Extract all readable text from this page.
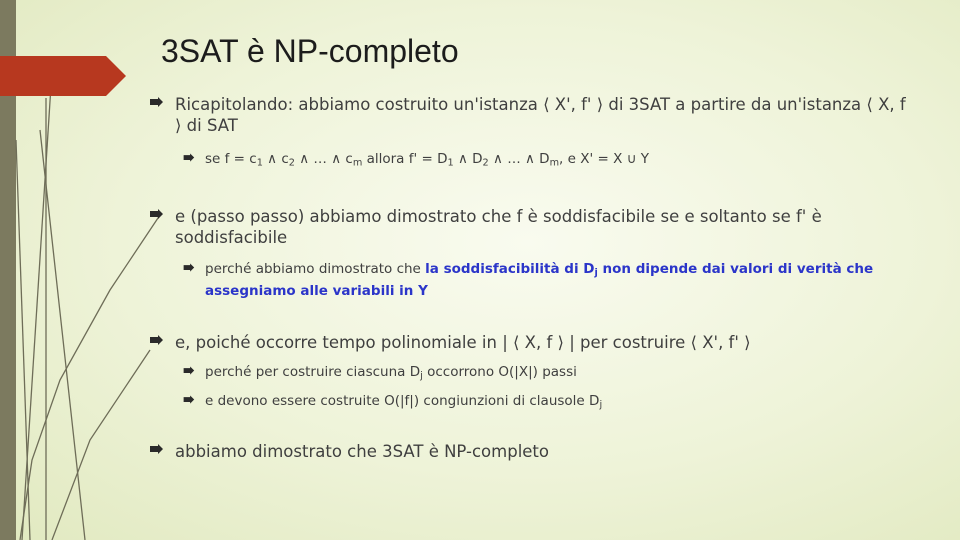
3SAT è NP-completo
Ricapitolando: abbiamo costruito un'istanza ⟨ X', f' ⟩ di 3SAT a partire da un'istanza ⟨ X, f ⟩ di SAT
se $f = c_1$ ∧ $c_2$ ∧ … ∧ $c_m$ allora $f' = D_1$ ∧ $D_2$ ∧ … ∧ $D_m$, e X' = X ∪ Y
e (passo passo) abbiamo dimostrato che f è soddisfacibile se e soltanto se f' è soddisfacibile
perché abbiamo dimostrato che la soddisfacibilità di $D_j$ non dipende dai valori di verità che assegniamo alle variabili in Y
e, poiché occorre tempo polinomiale in | ⟨ X, f ⟩ | per costruire ⟨ X', f' ⟩
perché per costruire ciascuna $D_j$ occorrono O(|X|) passi
e devono essere costruite O(|f|) congiunzioni di clausole $D_j$
abbiamo dimostrato che 3SAT è NP-completo
